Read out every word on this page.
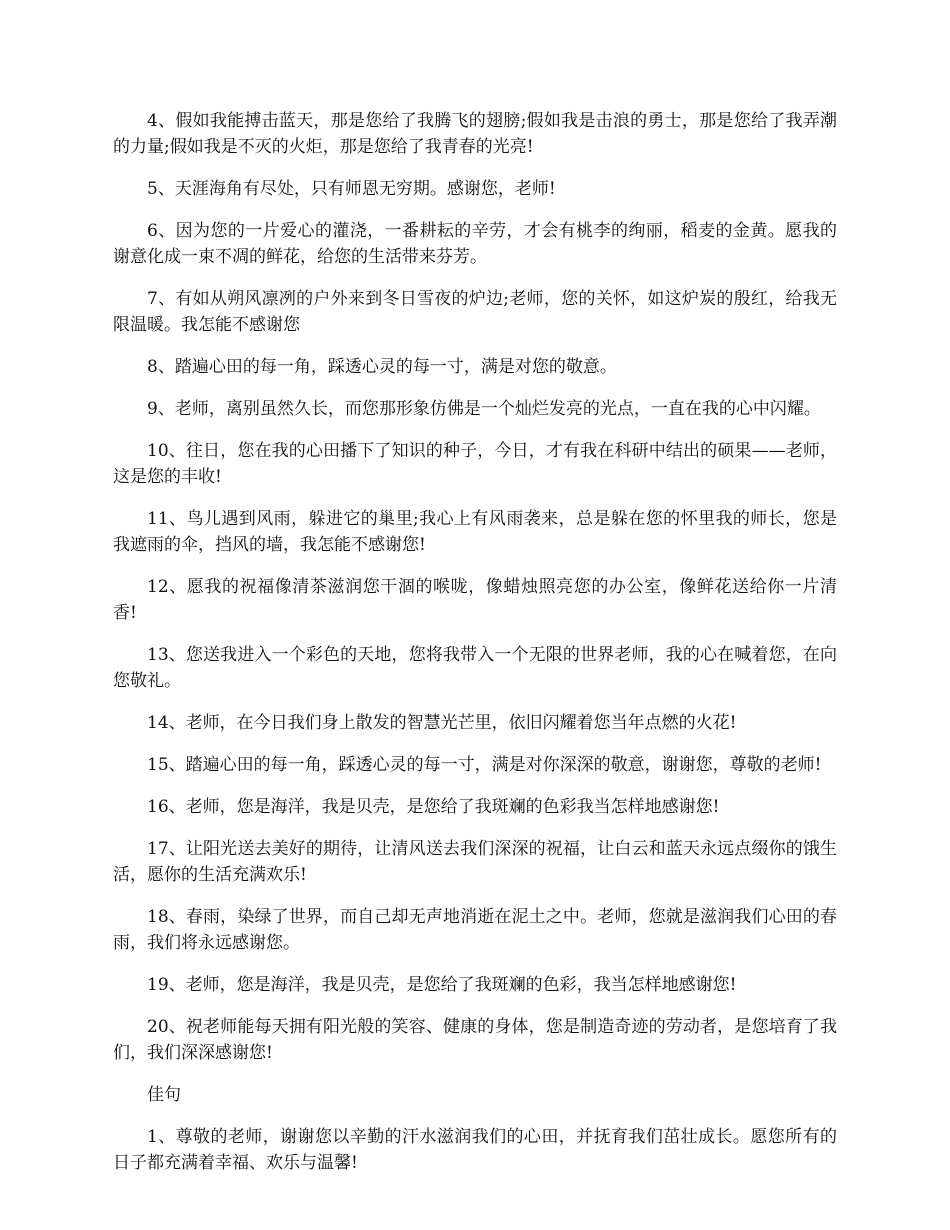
4、假如我能搏击蓝天，那是您给了我腾飞的翅膀;假如我是击浪的勇士，那是您给了我弄潮的力量;假如我是不灭的火炬，那是您给了我青春的光亮!

5、天涯海角有尽处，只有师恩无穷期。感谢您，老师!

6、因为您的一片爱心的灌浇，一番耕耘的辛劳，才会有桃李的绚丽，稻麦的金黄。愿我的谢意化成一束不凋的鲜花，给您的生活带来芬芳。

7、有如从朔风凛冽的户外来到冬日雪夜的炉边;老师，您的关怀，如这炉炭的殷红，给我无限温暖。我怎能不感谢您

8、踏遍心田的每一角，踩透心灵的每一寸，满是对您的敬意。

9、老师，离别虽然久长，而您那形象仿佛是一个灿烂发亮的光点，一直在我的心中闪耀。

10、往日，您在我的心田播下了知识的种子，今日，才有我在科研中结出的硕果——老师，这是您的丰收!

11、鸟儿遇到风雨，躲进它的巢里;我心上有风雨袭来，总是躲在您的怀里我的师长，您是我遮雨的伞，挡风的墙，我怎能不感谢您!

12、愿我的祝福像清茶滋润您干涸的喉咙，像蜡烛照亮您的办公室，像鲜花送给你一片清香!

13、您送我进入一个彩色的天地，您将我带入一个无限的世界老师，我的心在喊着您，在向您敬礼。

14、老师，在今日我们身上散发的智慧光芒里，依旧闪耀着您当年点燃的火花!

15、踏遍心田的每一角，踩透心灵的每一寸，满是对你深深的敬意，谢谢您，尊敬的老师!

16、老师，您是海洋，我是贝壳，是您给了我斑斓的色彩我当怎样地感谢您!

17、让阳光送去美好的期待，让清风送去我们深深的祝福，让白云和蓝天永远点缀你的饿生活，愿你的生活充满欢乐!

18、春雨，染绿了世界，而自己却无声地消逝在泥土之中。老师，您就是滋润我们心田的春雨，我们将永远感谢您。

19、老师，您是海洋，我是贝壳，是您给了我斑斓的色彩，我当怎样地感谢您!

20、祝老师能每天拥有阳光般的笑容、健康的身体，您是制造奇迹的劳动者，是您培育了我们，我们深深感谢您!

佳句

1、尊敬的老师，谢谢您以辛勤的汗水滋润我们的心田，并抚育我们茁壮成长。愿您所有的日子都充满着幸福、欢乐与温馨!
